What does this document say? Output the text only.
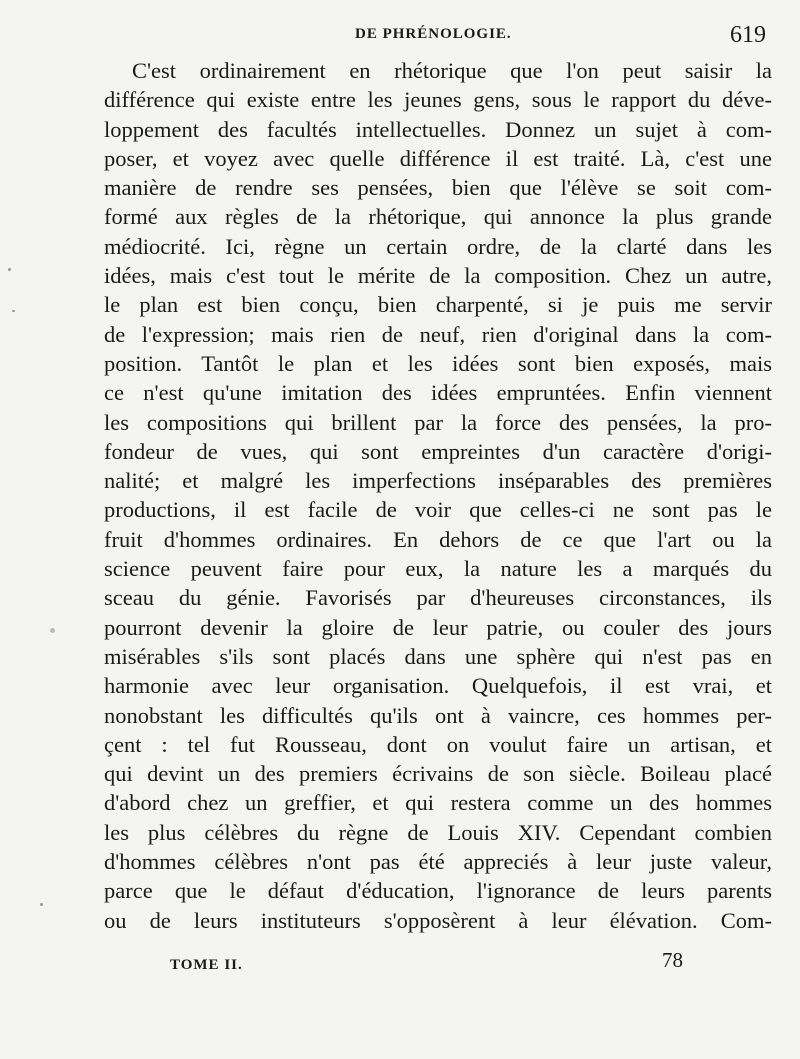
DE PHRÉNOLOGIE.	619
C'est ordinairement en rhétorique que l'on peut saisir la
différence qui existe entre les jeunes gens, sous le rapport du déve-
loppement des facultés intellectuelles. Donnez un sujet à com-
poser, et voyez avec quelle différence il est traité. Là, c'est une
manière de rendre ses pensées, bien que l'élève se soit com-
formé aux règles de la rhétorique, qui annonce la plus grande
médiocrité. Ici, règne un certain ordre, de la clarté dans les
idées, mais c'est tout le mérite de la composition. Chez un autre,
le plan est bien conçu, bien charpenté, si je puis me servir
de l'expression; mais rien de neuf, rien d'original dans la com-
position. Tantôt le plan et les idées sont bien exposés, mais
ce n'est qu'une imitation des idées empruntées. Enfin viennent
les compositions qui brillent par la force des pensées, la pro-
fondeur de vues, qui sont empreintes d'un caractère d'origi-
nalité; et malgré les imperfections inséparables des premières
productions, il est facile de voir que celles-ci ne sont pas le
fruit d'hommes ordinaires. En dehors de ce que l'art ou la
science peuvent faire pour eux, la nature les a marqués du
sceau du génie. Favorisés par d'heureuses circonstances, ils
pourront devenir la gloire de leur patrie, ou couler des jours
misérables s'ils sont placés dans une sphère qui n'est pas en
harmonie avec leur organisation. Quelquefois, il est vrai, et
nonobstant les difficultés qu'ils ont à vaincre, ces hommes per-
çent : tel fut Rousseau, dont on voulut faire un artisan, et
qui devint un des premiers écrivains de son siècle. Boileau placé
d'abord chez un greffier, et qui restera comme un des hommes
les plus célèbres du règne de Louis XIV. Cependant combien
d'hommes célèbres n'ont pas été appreciés à leur juste valeur,
parce que le défaut d'éducation, l'ignorance de leurs parents
ou de leurs instituteurs s'opposèrent à leur élévation. Com-
TOME II.	78
